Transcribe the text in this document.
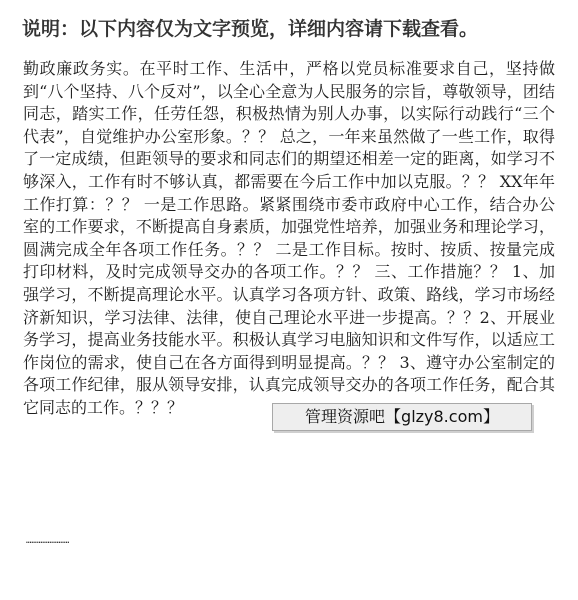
说明：以下内容仅为文字预览，详细内容请下载查看。

勤政廉政务实。在平时工作、生活中，严格以党员标准要求自己，坚持做到“八个坚持、八个反对”，以全心全意为人民服务的宗旨，尊敬领导，团结同志，踏实工作，任劳任怨，积极热情为别人办事，以实际行动践行“三个代表”，自觉维护办公室形象。？？ 总之，一年来虽然做了一些工作，取得了一定成绩，但距领导的要求和同志们的期望还相差一定的距离，如学习不够深入，工作有时不够认真，都需要在今后工作中加以克服。？？ XX年年工作打算：？？ 一是工作思路。紧紧围绕市委市政府中心工作，结合办公室的工作要求，不断提高自身素质，加强党性培养，加强业务和理论学习，圆满完成全年各项工作任务。？？ 二是工作目标。按时、按质、按量完成打印材料，及时完成领导交办的各项工作。？？ 三、工作措施？？ 1、加强学习，不断提高理论水平。认真学习各项方针、政策、路线，学习市场经济新知识，学习法律、法律，使自己理论水平进一步提高。？？2、开展业务学习，提高业务技能水平。积极认真学习电脑知识和文件写作，以适应工作岗位的需求，使自己在各方面得到明显提高。？？ 3、遵守办公室制定的各项工作纪律，服从领导安排，认真完成领导交办的各项工作任务，配合其它同志的工作。？？？	管理资源吧【glzy8.com】
……………………
